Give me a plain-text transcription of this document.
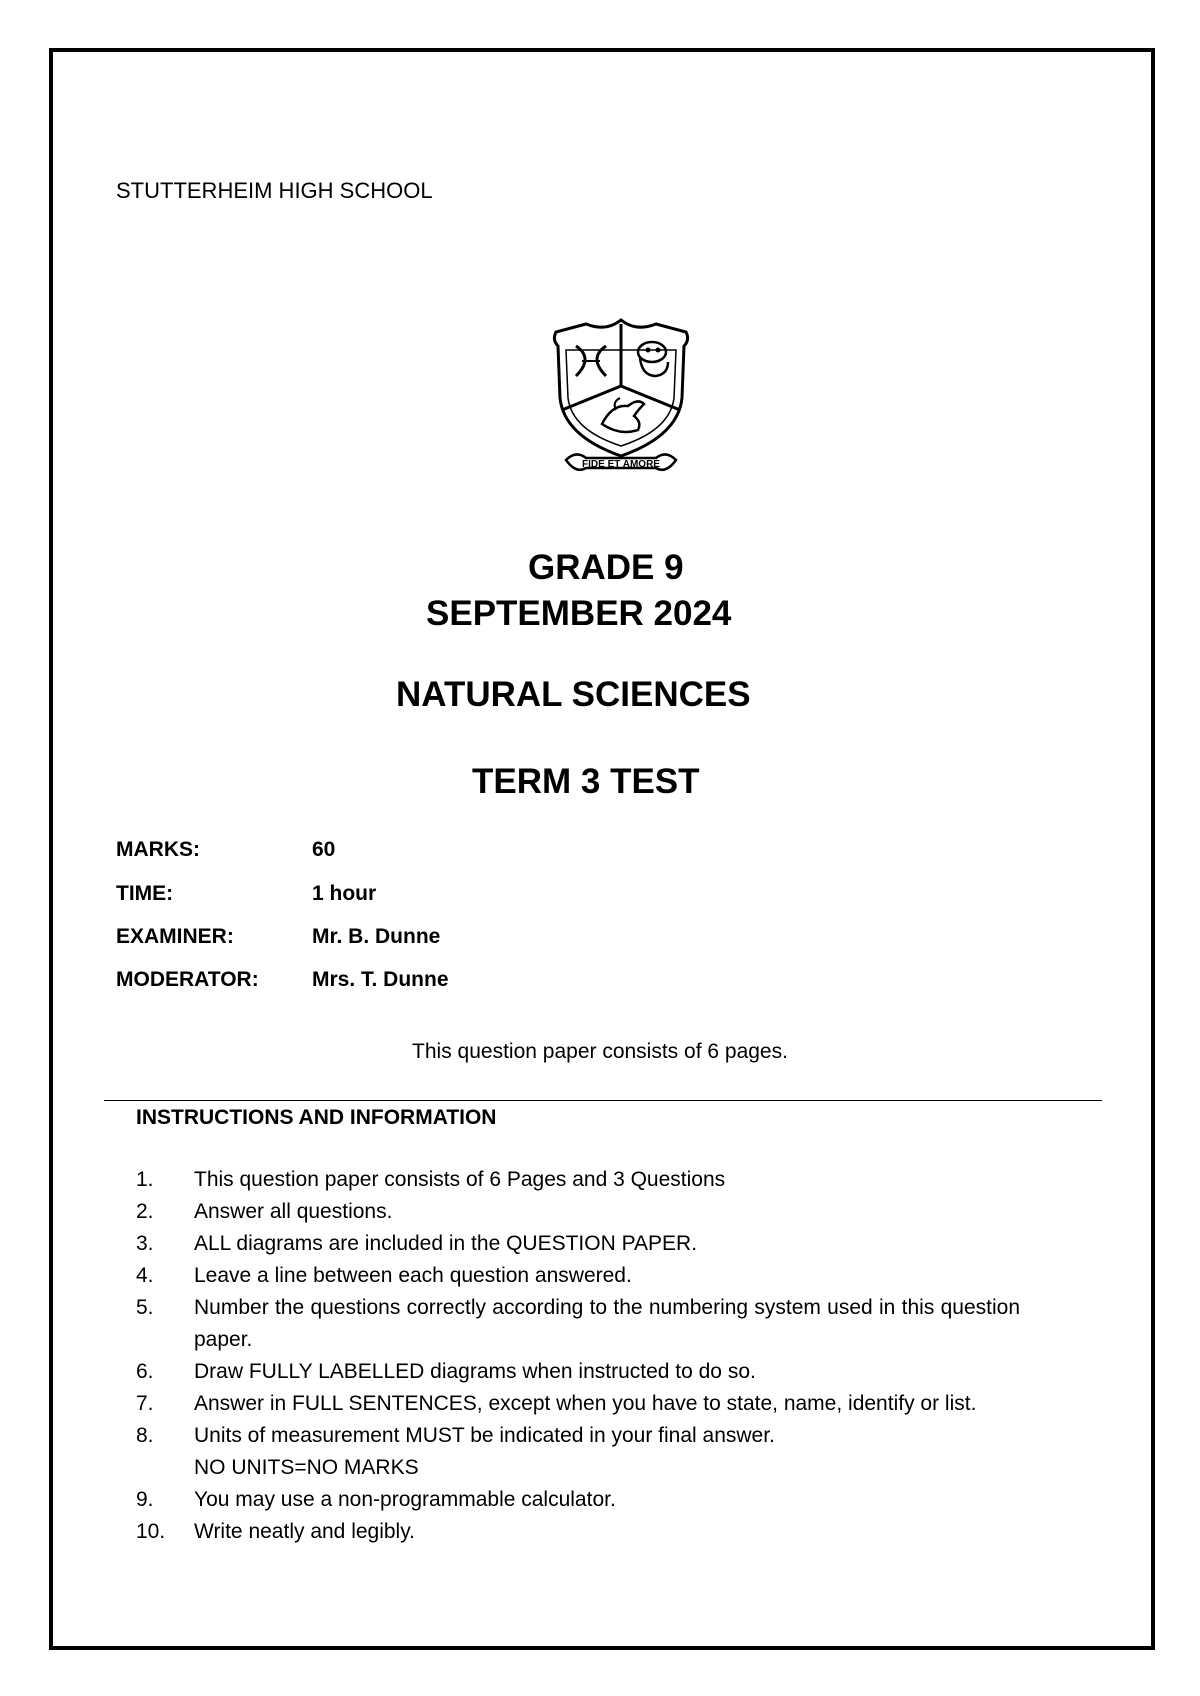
STUTTERHEIM HIGH SCHOOL
FIDE ET AMORE
GRADE 9
SEPTEMBER 2024
NATURAL SCIENCES
TERM 3 TEST
MARKS:	60
TIME:	1 hour
EXAMINER:	Mr. B. Dunne
MODERATOR:	Mrs. T. Dunne
This question paper consists of 6 pages.
INSTRUCTIONS AND INFORMATION
1.	This question paper consists of 6 Pages and 3 Questions
2.	Answer all questions.
3.	ALL diagrams are included in the QUESTION PAPER.
4.	Leave a line between each question answered.
5.	Number the questions correctly according to the numbering system used in this question paper.
6.	Draw FULLY LABELLED diagrams when instructed to do so.
7.	Answer in FULL SENTENCES, except when you have to state, name, identify or list.
8.	Units of measurement MUST be indicated in your final answer.
NO UNITS=NO MARKS
9.	You may use a non-programmable calculator.
10.	Write neatly and legibly.
